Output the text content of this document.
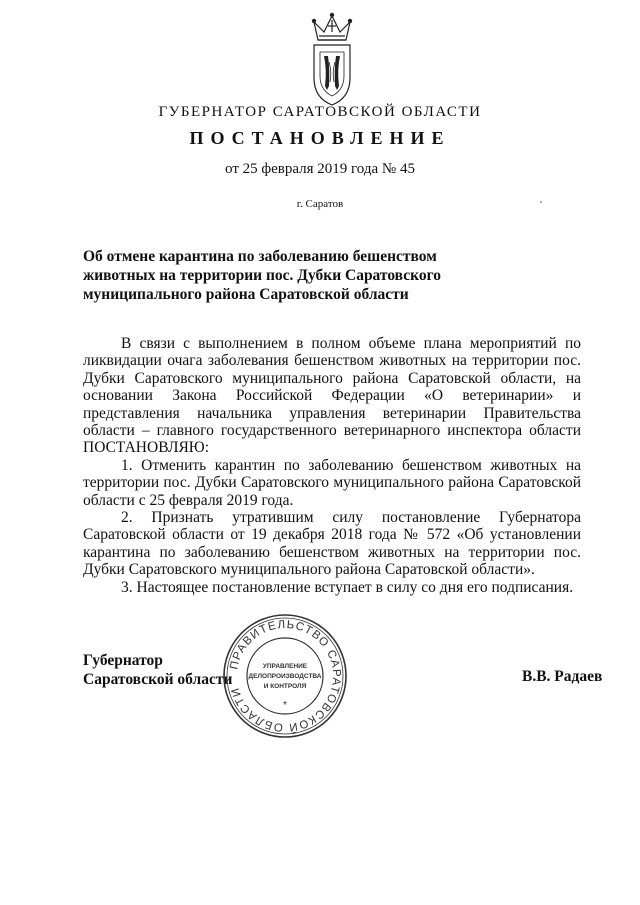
ГУБЕРНАТОР САРАТОВСКОЙ ОБЛАСТИ
ПОСТАНОВЛЕНИЕ
от 25 февраля 2019 года № 45
г. Саратов	'
Об отмене карантина по заболеванию бешенством
животных на территории пос. Дубки Саратовского
муниципального района Саратовской области

В связи с выполнением в полном объеме плана мероприятий по ликвидации очага заболевания бешенством животных на территории пос. Дубки Саратовского муниципального района Саратовской области, на основании Закона Российской Федерации «О ветеринарии» и представления начальника управления ветеринарии Правительства области – главного государственного ветеринарного инспектора области ПОСТАНОВЛЯЮ:

1. Отменить карантин по заболеванию бешенством животных на территории пос. Дубки Саратовского муниципального района Саратовской области с 25 февраля 2019 года.

2. Признать утратившим силу постановление Губернатора Саратовской области от 19 декабря 2018 года № 572 «Об установлении карантина по заболеванию бешенством животных на территории пос. Дубки Саратовского муниципального района Саратовской области».

3. Настоящее постановление вступает в силу со дня его подписания.

Губернатор
Саратовской области	В.В. Радаев
ПРАВИТЕЛЬСТВО САРАТОВСКОЙ ОБЛАСТИ
УПРАВЛЕНИЕ
ДЕЛОПРОИЗВОДСТВА
И КОНТРОЛЯ
*
